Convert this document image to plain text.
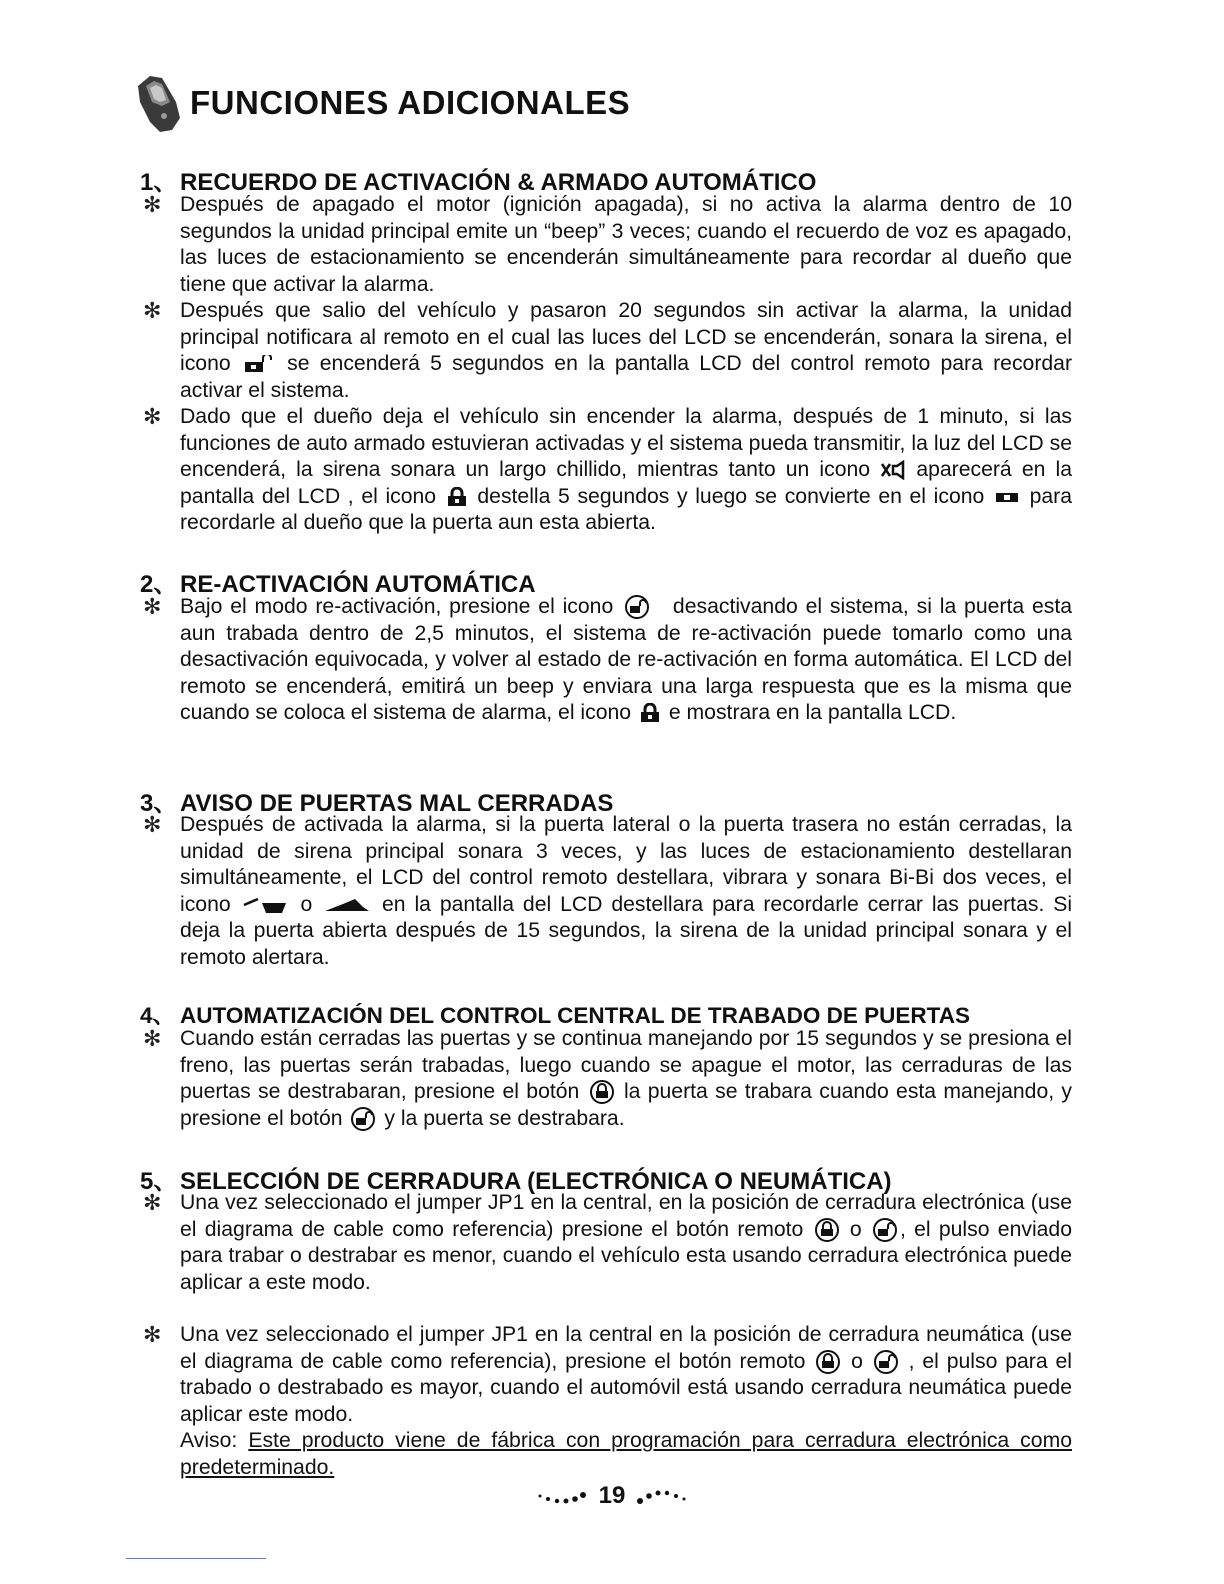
FUNCIONES ADICIONALES
1、 RECUERDO DE ACTIVACIÓN & ARMADO AUTOMÁTICO
✻ Después de apagado el motor (ignición apagada), si no activa la alarma dentro de 10 segundos la unidad principal emite un “beep” 3 veces; cuando el recuerdo de voz es apagado, las luces de estacionamiento se encenderán simultáneamente para recordar al dueño que tiene que activar la alarma.
✻ Después que salio del vehículo y pasaron 20 segundos sin activar la alarma, la unidad principal notificara al remoto en el cual las luces del LCD se encenderán, sonara la sirena, el icono	se encenderá 5 segundos en la pantalla LCD del control remoto para recordar activar el sistema.
✻ Dado que el dueño deja el vehículo sin encender la alarma, después de 1 minuto, si las funciones de auto armado estuvieran activadas y el sistema pueda transmitir, la luz del LCD se encenderá, la sirena sonara un largo chillido, mientras tanto un icono aparecerá en la pantalla del LCD , el icono destella 5 segundos y luego se convierte en el icono para recordarle al dueño que la puerta aun esta abierta.
2、 RE-ACTIVACIÓN AUTOMÁTICA
✻ Bajo el modo re-activación, presione el icono	desactivando el sistema, si la puerta esta aun trabada dentro de 2,5 minutos, el sistema de re-activación puede tomarlo como una desactivación equivocada, y volver al estado de re-activación en forma automática. El LCD del remoto se encenderá, emitirá un beep y enviara una larga respuesta que es la misma que cuando se coloca el sistema de alarma, el icono e mostrara en la pantalla LCD.
3、 AVISO DE PUERTAS MAL CERRADAS
✻ Después de activada la alarma, si la puerta lateral o la puerta trasera no están cerradas, la unidad de sirena principal sonara 3 veces, y las luces de estacionamiento destellaran simultáneamente, el LCD del control remoto destellara, vibrara y sonara Bi-Bi dos veces, el icono	o	en la pantalla del LCD destellara para recordarle cerrar las puertas. Si deja la puerta abierta después de 15 segundos, la sirena de la unidad principal sonara y el remoto alertara.
4、 AUTOMATIZACIÓN DEL CONTROL CENTRAL DE TRABADO DE PUERTAS
✻ Cuando están cerradas las puertas y se continua manejando por 15 segundos y se presiona el freno, las puertas serán trabadas, luego cuando se apague el motor, las cerraduras de las puertas se destrabaran, presione el botón la puerta se trabara cuando esta manejando, y presione el botón y la puerta se destrabara.
5、 SELECCIÓN DE CERRADURA (ELECTRÓNICA O NEUMÁTICA)
✻ Una vez seleccionado el jumper JP1 en la central, en la posición de cerradura electrónica (use el diagrama de cable como referencia) presione el botón remoto o , el pulso enviado para trabar o destrabar es menor, cuando el vehículo esta usando cerradura electrónica puede aplicar a este modo.
✻ Una vez seleccionado el jumper JP1 en la central en la posición de cerradura neumática (use el diagrama de cable como referencia), presione el botón remoto o , el pulso para el trabado o destrabado es mayor, cuando el automóvil está usando cerradura neumática puede aplicar este modo.
Aviso: Este producto viene de fábrica con programación para cerradura electrónica como predeterminado.
19
